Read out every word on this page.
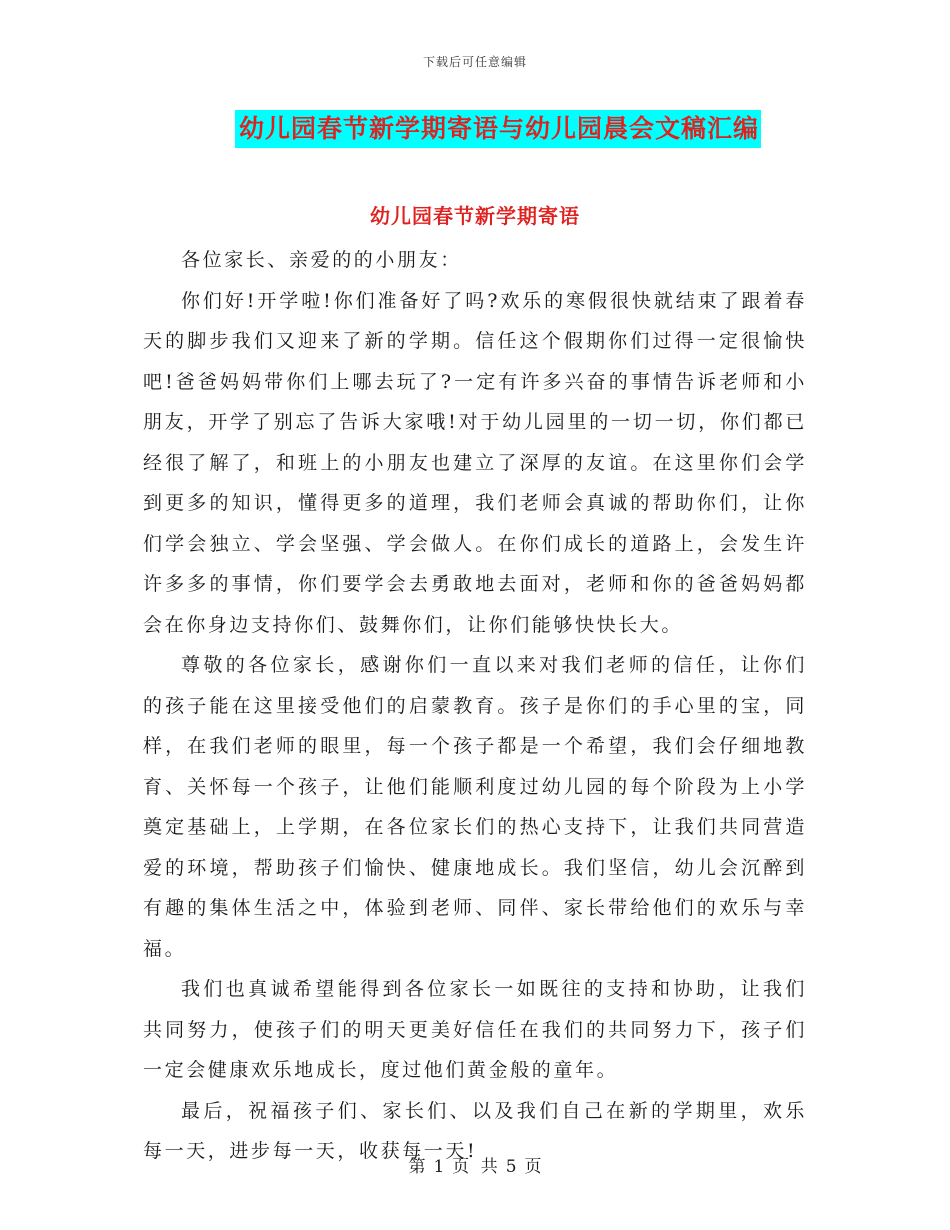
下载后可任意编辑
幼儿园春节新学期寄语与幼儿园晨会文稿汇编
幼儿园春节新学期寄语

各位家长、亲爱的的小朋友：

你们好!开学啦!你们准备好了吗?欢乐的寒假很快就结束了跟着春天的脚步我们又迎来了新的学期。信任这个假期你们过得一定很愉快吧!爸爸妈妈带你们上哪去玩了?一定有许多兴奋的事情告诉老师和小朋友，开学了别忘了告诉大家哦!对于幼儿园里的一切一切，你们都已经很了解了，和班上的小朋友也建立了深厚的友谊。在这里你们会学到更多的知识，懂得更多的道理，我们老师会真诚的帮助你们，让你们学会独立、学会坚强、学会做人。在你们成长的道路上，会发生许许多多的事情，你们要学会去勇敢地去面对，老师和你的爸爸妈妈都会在你身边支持你们、鼓舞你们，让你们能够快快长大。

尊敬的各位家长，感谢你们一直以来对我们老师的信任，让你们的孩子能在这里接受他们的启蒙教育。孩子是你们的手心里的宝，同样，在我们老师的眼里，每一个孩子都是一个希望，我们会仔细地教育、关怀每一个孩子，让他们能顺利度过幼儿园的每个阶段为上小学奠定基础上，上学期，在各位家长们的热心支持下，让我们共同营造爱的环境，帮助孩子们愉快、健康地成长。我们坚信，幼儿会沉醉到有趣的集体生活之中，体验到老师、同伴、家长带给他们的欢乐与幸福。

我们也真诚希望能得到各位家长一如既往的支持和协助，让我们共同努力，使孩子们的明天更美好信任在我们的共同努力下，孩子们一定会健康欢乐地成长，度过他们黄金般的童年。

最后，祝福孩子们、家长们、以及我们自己在新的学期里，欢乐每一天，进步每一天，收获每一天!

第 1 页 共 5 页
